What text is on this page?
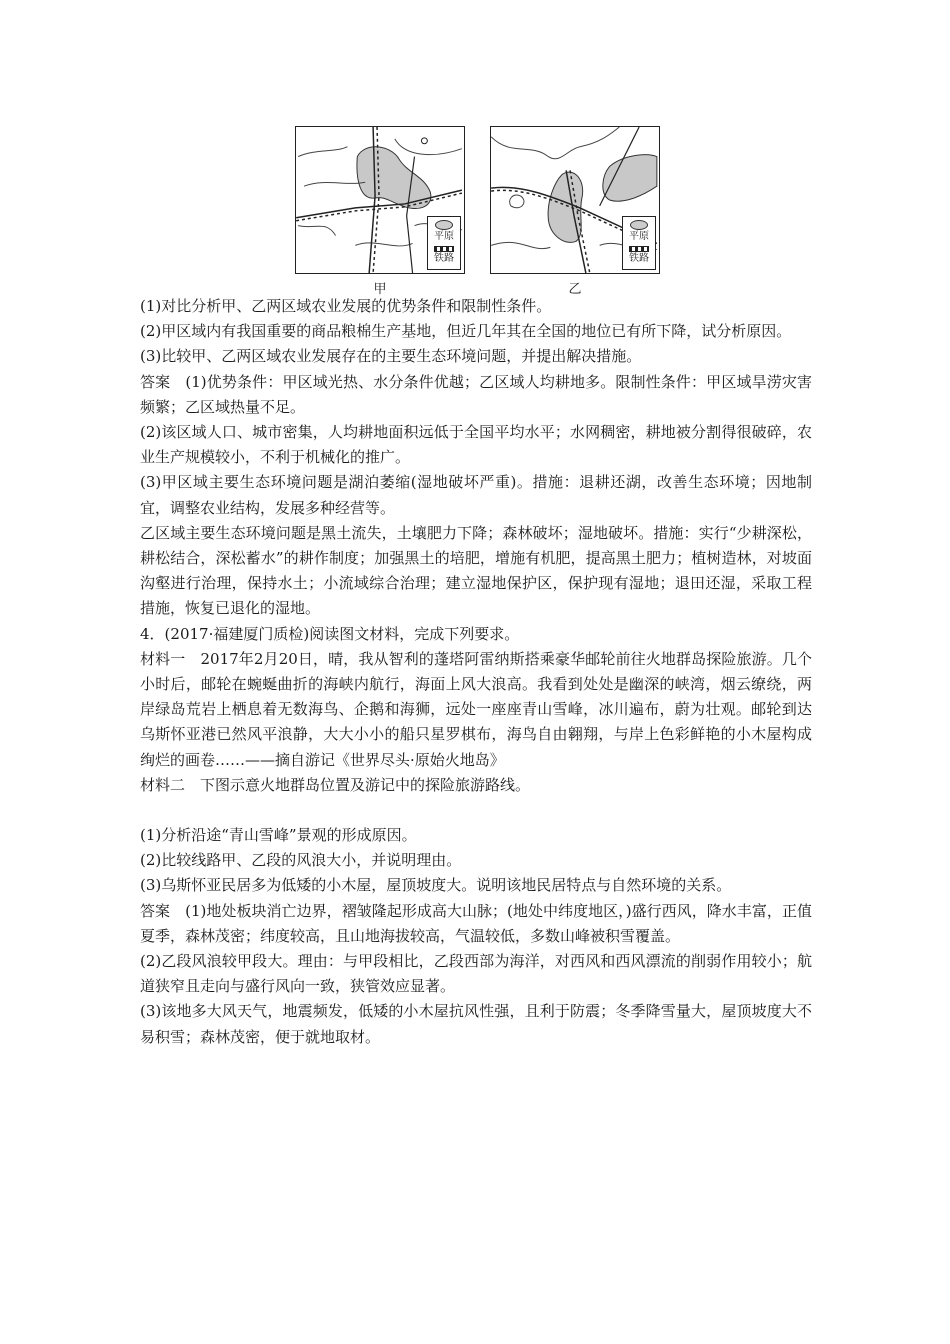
平原
铁路
甲
平原
铁路
乙

(1)对比分析甲、乙两区域农业发展的优势条件和限制性条件。

(2)甲区域内有我国重要的商品粮棉生产基地，但近几年其在全国的地位已有所下降，试分析原因。

(3)比较甲、乙两区域农业发展存在的主要生态环境问题，并提出解决措施。

答案　(1)优势条件：甲区域光热、水分条件优越；乙区域人均耕地多。限制性条件：甲区域旱涝灾害频繁；乙区域热量不足。

(2)该区域人口、城市密集，人均耕地面积远低于全国平均水平；水网稠密，耕地被分割得很破碎，农业生产规模较小，不利于机械化的推广。

(3)甲区域主要生态环境问题是湖泊萎缩(湿地破坏严重)。措施：退耕还湖，改善生态环境；因地制宜，调整农业结构，发展多种经营等。

乙区域主要生态环境问题是黑土流失，土壤肥力下降；森林破坏；湿地破坏。措施：实行“少耕深松，耕松结合，深松蓄水”的耕作制度；加强黑土的培肥，增施有机肥，提高黑土肥力；植树造林，对坡面沟壑进行治理，保持水土；小流域综合治理；建立湿地保护区，保护现有湿地；退田还湿，采取工程措施，恢复已退化的湿地。

4．(2017·福建厦门质检)阅读图文材料，完成下列要求。

材料一　2017年2月20日，晴，我从智利的蓬塔阿雷纳斯搭乘豪华邮轮前往火地群岛探险旅游。几个小时后，邮轮在蜿蜒曲折的海峡内航行，海面上风大浪高。我看到处处是幽深的峡湾，烟云缭绕，两岸绿岛荒岩上栖息着无数海鸟、企鹅和海狮，远处一座座青山雪峰，冰川遍布，蔚为壮观。邮轮到达乌斯怀亚港已然风平浪静，大大小小的船只星罗棋布，海鸟自由翱翔，与岸上色彩鲜艳的小木屋构成绚烂的画卷……——摘自游记《世界尽头·原始火地岛》

材料二　下图示意火地群岛位置及游记中的探险旅游路线。

(1)分析沿途“青山雪峰”景观的形成原因。

(2)比较线路甲、乙段的风浪大小，并说明理由。

(3)乌斯怀亚民居多为低矮的小木屋，屋顶坡度大。说明该地民居特点与自然环境的关系。

答案　(1)地处板块消亡边界，褶皱隆起形成高大山脉；(地处中纬度地区，)盛行西风，降水丰富，正值夏季，森林茂密；纬度较高，且山地海拔较高，气温较低，多数山峰被积雪覆盖。

(2)乙段风浪较甲段大。理由：与甲段相比，乙段西部为海洋，对西风和西风漂流的削弱作用较小；航道狭窄且走向与盛行风向一致，狭管效应显著。

(3)该地多大风天气，地震频发，低矮的小木屋抗风性强，且利于防震；冬季降雪量大，屋顶坡度大不易积雪；森林茂密，便于就地取材。
